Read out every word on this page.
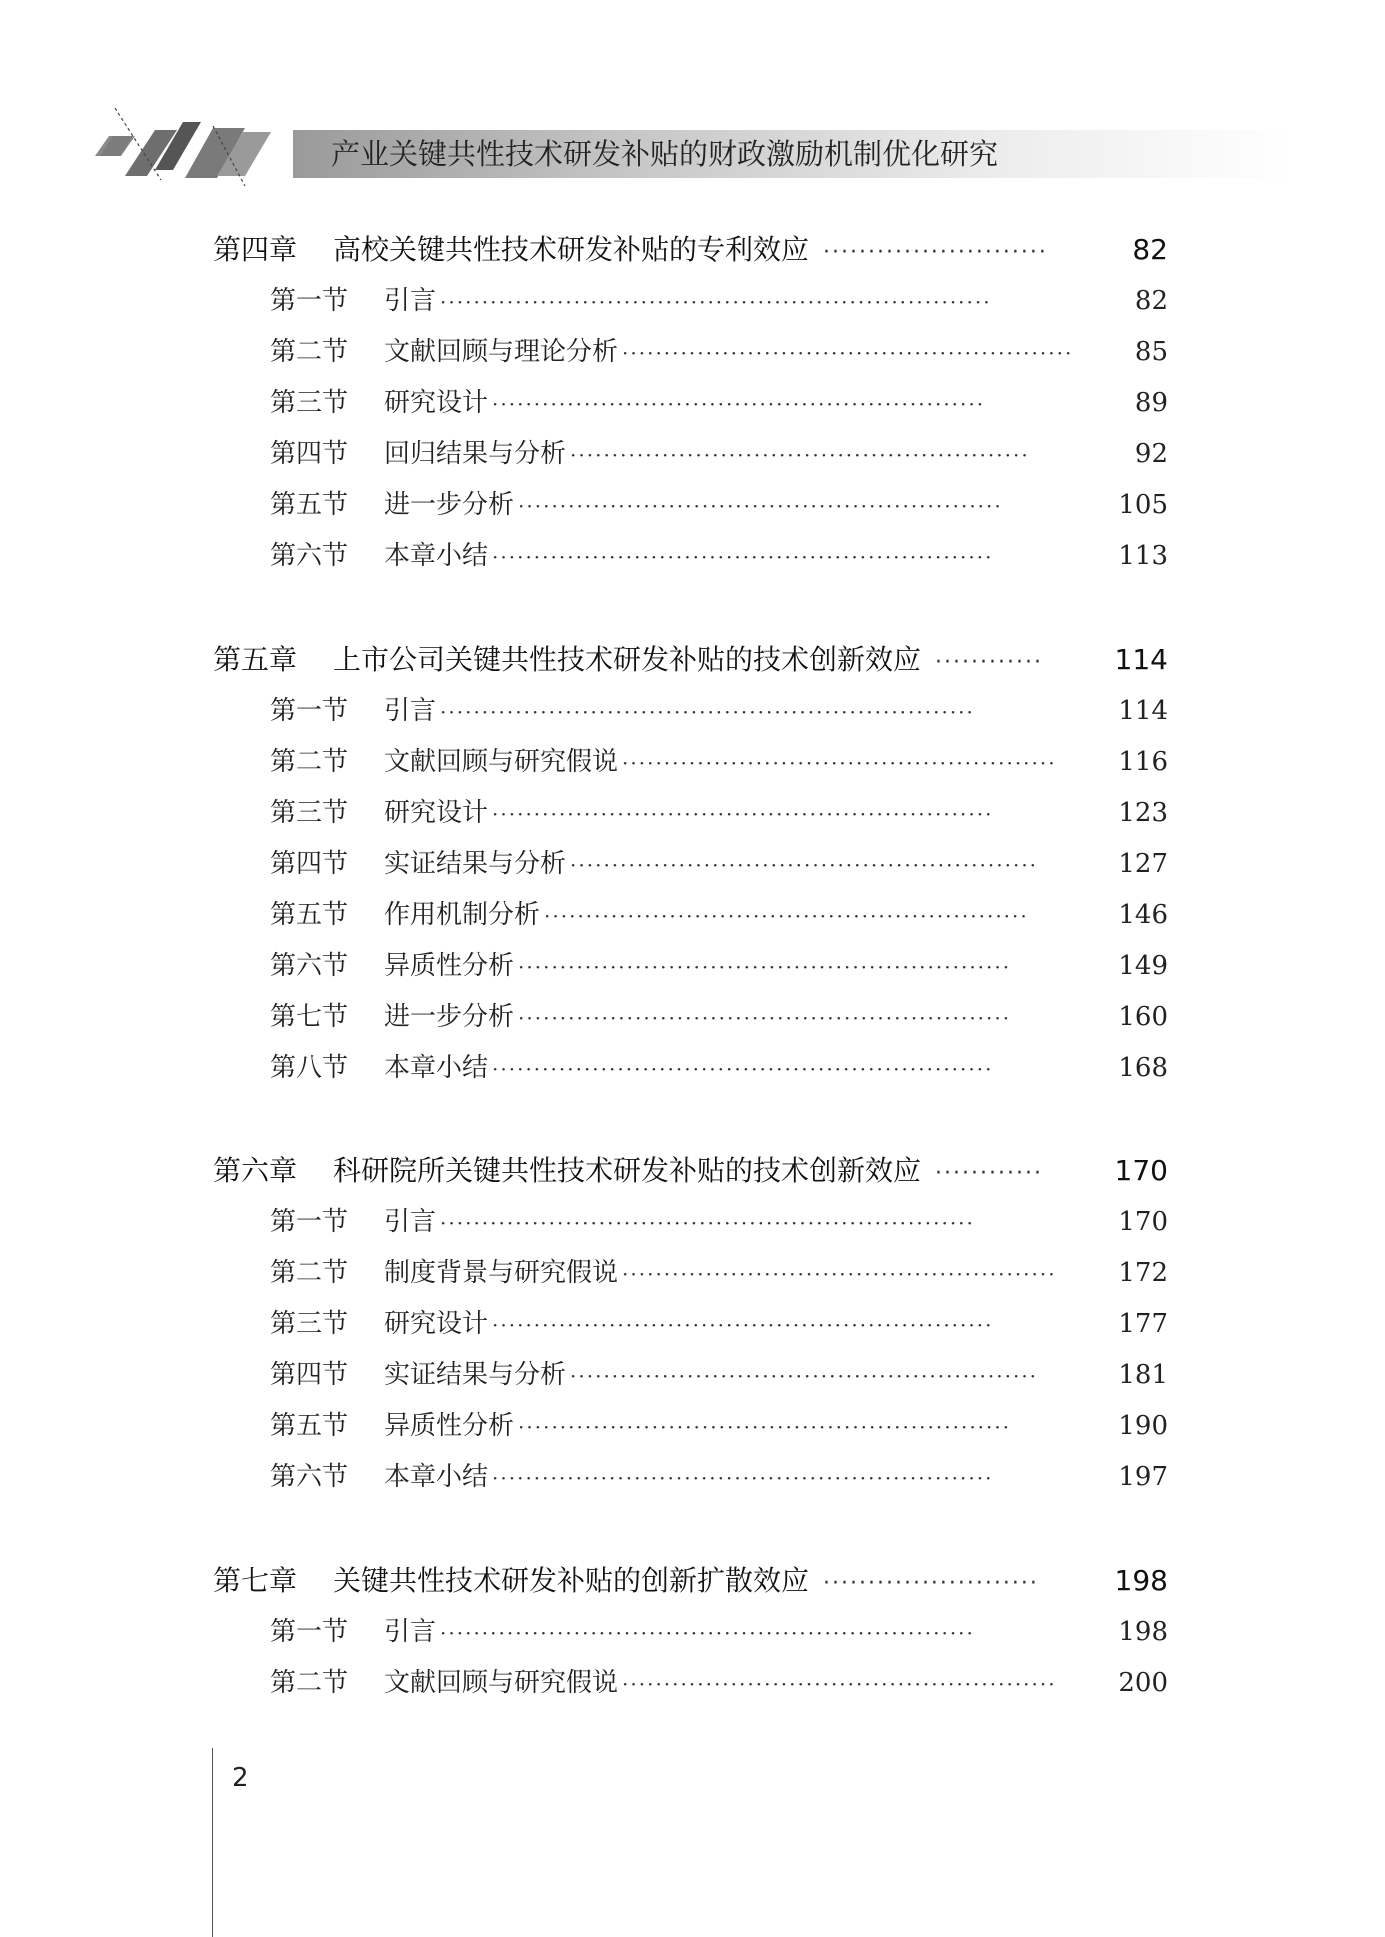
产业关键共性技术研发补贴的财政激励机制优化研究
第四章	高校关键共性技术研发补贴的专利效应 ·························	82
第一节	引言 ··································································	82
第二节	文献回顾与理论分析 ······················································	85
第三节	研究设计 ···························································	89
第四节	回归结果与分析 ·······················································	92
第五节	进一步分析 ··························································	105
第六节	本章小结 ····························································	113
第五章	上市公司关键共性技术研发补贴的技术创新效应 ············	114
第一节	引言 ································································	114
第二节	文献回顾与研究假说 ····················································	116
第三节	研究设计 ····························································	123
第四节	实证结果与分析 ························································	127
第五节	作用机制分析 ··························································	146
第六节	异质性分析 ···························································	149
第七节	进一步分析 ···························································	160
第八节	本章小结 ····························································	168
第六章	科研院所关键共性技术研发补贴的技术创新效应 ············	170
第一节	引言 ································································	170
第二节	制度背景与研究假说 ····················································	172
第三节	研究设计 ····························································	177
第四节	实证结果与分析 ························································	181
第五节	异质性分析 ···························································	190
第六节	本章小结 ····························································	197
第七章	关键共性技术研发补贴的创新扩散效应 ························	198
第一节	引言 ································································	198
第二节	文献回顾与研究假说 ····················································	200
2
